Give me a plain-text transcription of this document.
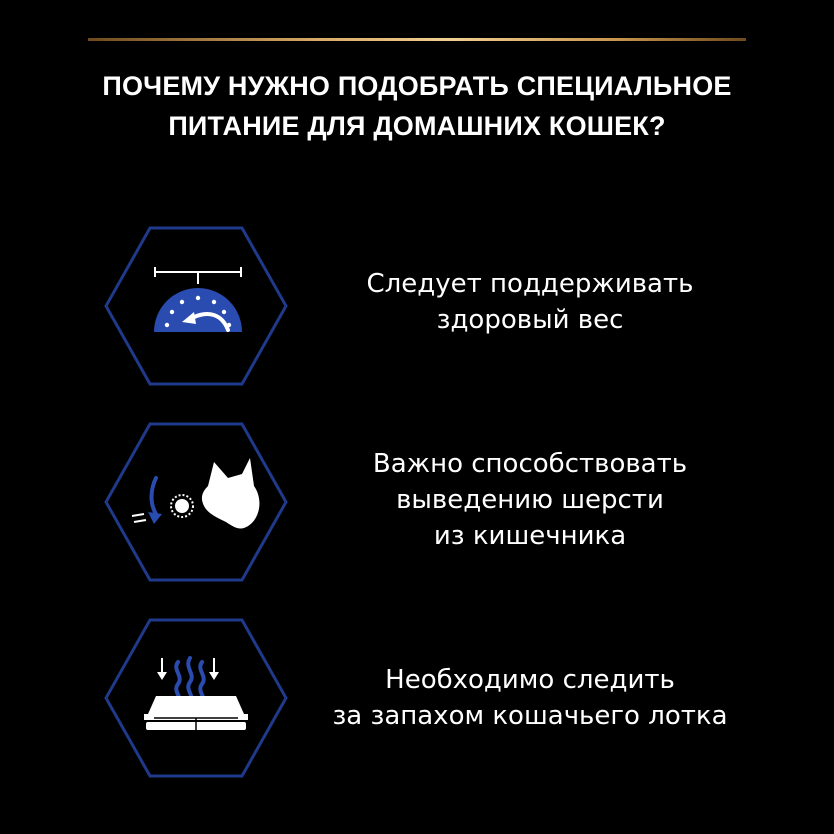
ПОЧЕМУ НУЖНО ПОДОБРАТЬ СПЕЦИАЛЬНОЕ
ПИТАНИЕ ДЛЯ ДОМАШНИХ КОШЕК?
Следует поддерживать
здоровый вес
Важно способствовать
выведению шерсти
из кишечника
Необходимо следить
за запахом кошачьего лотка
